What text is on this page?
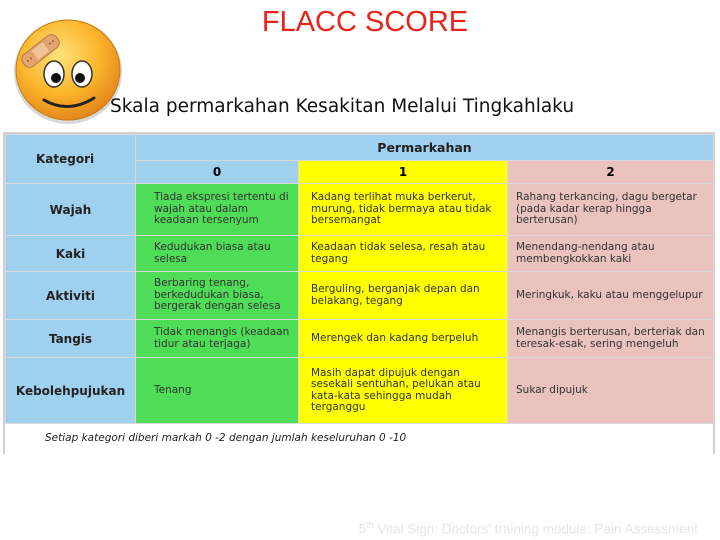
FLACC SCORE
Skala permarkahan Kesakitan Melalui Tingkahlaku
Kategori	Permarkahan		
	0	1	2
Wajah	Tiada ekspresi tertentu di wajah atau dalam keadaan tersenyum	Kadang terlihat muka berkerut, murung, tidak bermaya atau tidak bersemangat	Rahang terkancing, dagu bergetar (pada kadar kerap hingga berterusan)
Kaki	Kedudukan biasa atau selesa	Keadaan tidak selesa, resah atau tegang	Menendang-nendang atau membengkokkan kaki
Aktiviti	Berbaring tenang, berkedudukan biasa, bergerak dengan selesa	Berguling, berganjak depan dan belakang, tegang	Meringkuk, kaku atau menggelupur
Tangis	Tidak menangis (keadaan tidur atau terjaga)	Merengek dan kadang berpeluh	Menangis berterusan, berteriak dan teresak-esak, sering mengeluh
Kebolehpujukan	Tenang	Masih dapat dipujuk dengan sesekali sentuhan, pelukan atau kata-kata sehingga mudah terganggu	Sukar dipujuk
Setiap kategori diberi markah 0 -2 dengan jumlah keseluruhan 0 -10
5th Vital Sign: Doctors' training module: Pain Assessment
